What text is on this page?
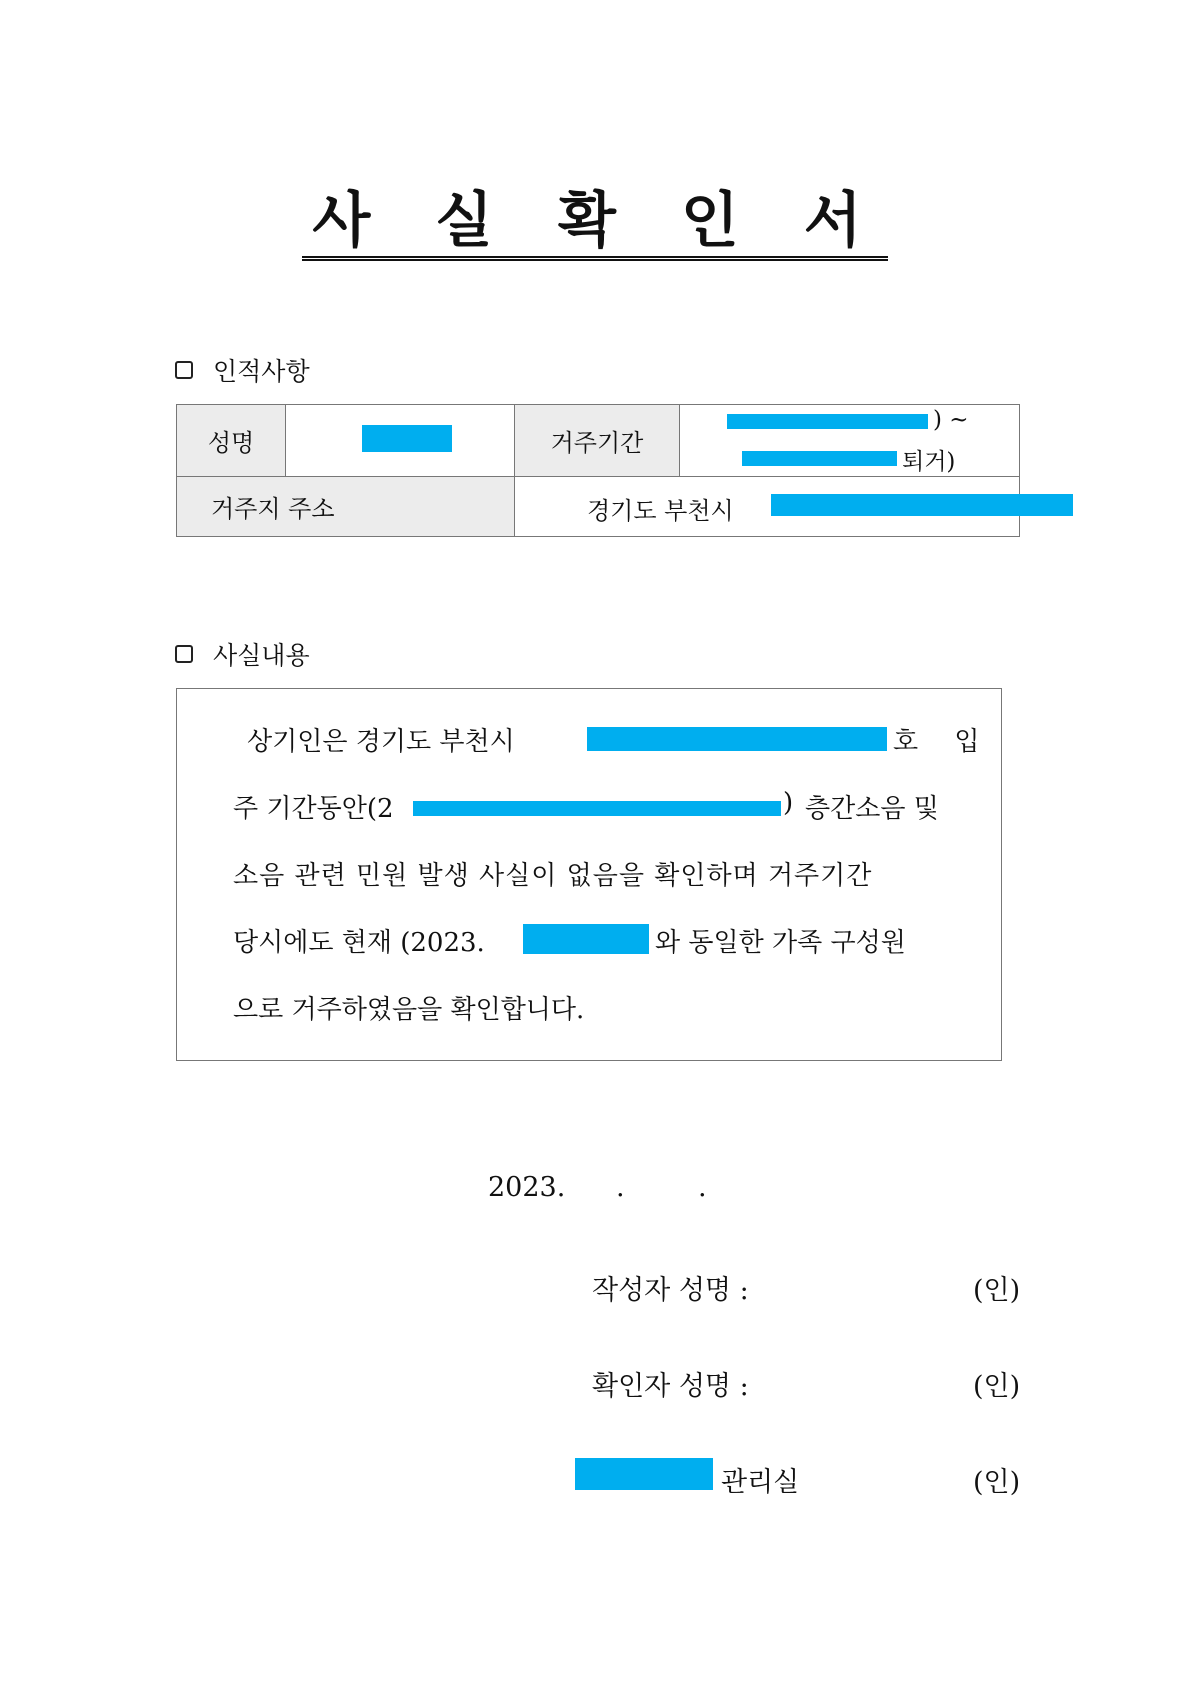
사 실 확 인 서
인적사항
성명		거주기간	) ~
퇴거)

거주지 주소		경기도 부천시	
사실내용
상기인은 경기도 부천시	호 입
주 기간동안(2	) 층간소음 및
소음 관련 민원 발생 사실이 없음을 확인하며 거주기간
당시에도 현재 (2023.	와 동일한 가족 구성원
으로 거주하였음을 확인합니다.
2023. .	.
작성자 성명 :	(인)
확인자 성명 :	(인)
관리실	(인)
